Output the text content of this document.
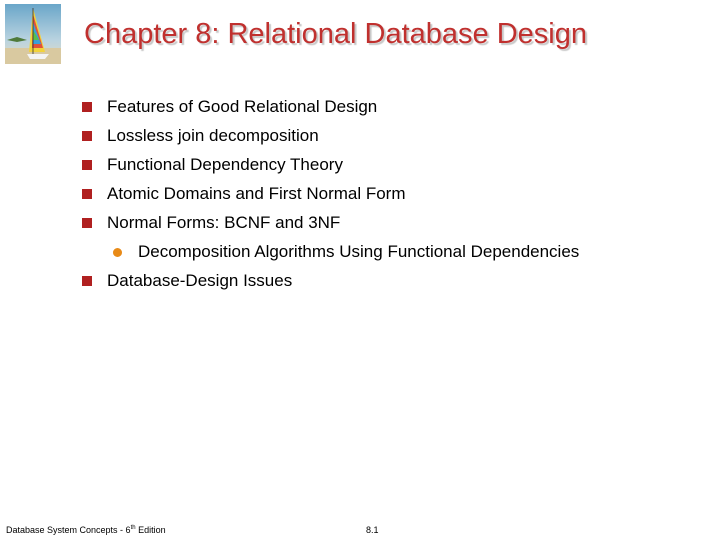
Chapter 8: Relational Database Design
Features of Good Relational Design
Lossless join decomposition
Functional Dependency Theory
Atomic Domains and First Normal Form
Normal Forms: BCNF and 3NF
Decomposition Algorithms Using Functional Dependencies
Database-Design Issues
Database System Concepts - 6th Edition	8.1
